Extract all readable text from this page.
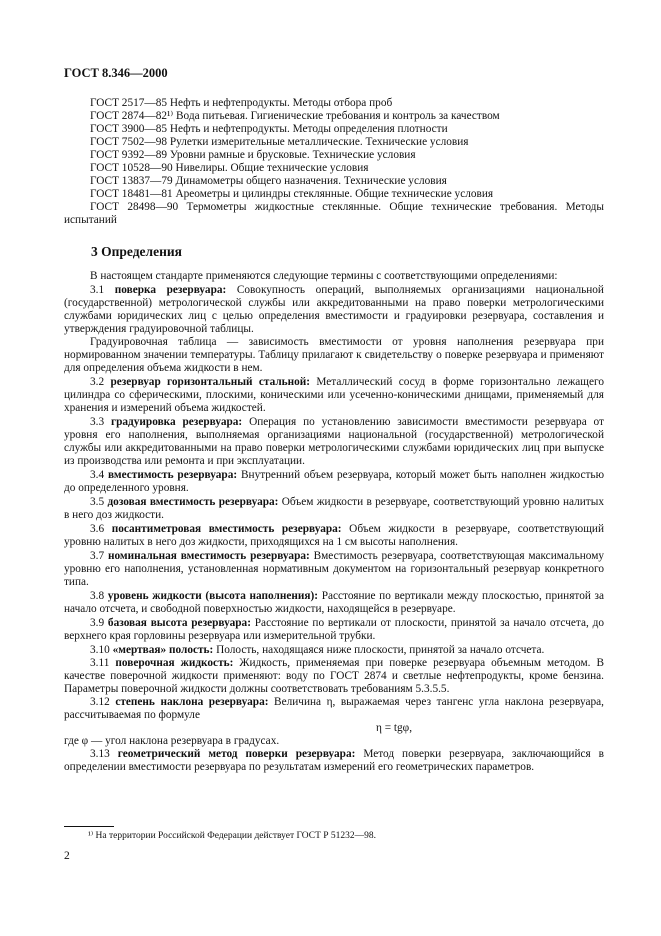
ГОСТ 8.346—2000
ГОСТ 2517—85 Нефть и нефтепродукты. Методы отбора проб
ГОСТ 2874—82¹⁾ Вода питьевая. Гигиенические требования и контроль за качеством
ГОСТ 3900—85 Нефть и нефтепродукты. Методы определения плотности
ГОСТ 7502—98 Рулетки измерительные металлические. Технические условия
ГОСТ 9392—89 Уровни рамные и брусковые. Технические условия
ГОСТ 10528—90 Нивелиры. Общие технические условия
ГОСТ 13837—79 Динамометры общего назначения. Технические условия
ГОСТ 18481—81 Ареометры и цилиндры стеклянные. Общие технические условия
ГОСТ 28498—90 Термометры жидкостные стеклянные. Общие технические требования. Методы испытаний
3 Определения

В настоящем стандарте применяются следующие термины с соответствующими определениями:

3.1 поверка резервуара: Совокупность операций, выполняемых организациями национальной (государственной) метрологической службы или аккредитованными на право поверки метрологическими службами юридических лиц с целью определения вместимости и градуировки резервуара, составления и утверждения градуировочной таблицы.

Градуировочная таблица — зависимость вместимости от уровня наполнения резервуара при нормированном значении температуры. Таблицу прилагают к свидетельству о поверке резервуара и применяют для определения объема жидкости в нем.

3.2 резервуар горизонтальный стальной: Металлический сосуд в форме горизонтально лежащего цилиндра со сферическими, плоскими, коническими или усеченно-коническими днищами, применяемый для хранения и измерений объема жидкостей.

3.3 градуировка резервуара: Операция по установлению зависимости вместимости резервуара от уровня его наполнения, выполняемая организациями национальной (государственной) метрологической службы или аккредитованными на право поверки метрологическими службами юридических лиц при выпуске из производства или ремонта и при эксплуатации.

3.4 вместимость резервуара: Внутренний объем резервуара, который может быть наполнен жидкостью до определенного уровня.

3.5 дозовая вместимость резервуара: Объем жидкости в резервуаре, соответствующий уровню налитых в него доз жидкости.

3.6 посантиметровая вместимость резервуара: Объем жидкости в резервуаре, соответствующий уровню налитых в него доз жидкости, приходящихся на 1 см высоты наполнения.

3.7 номинальная вместимость резервуара: Вместимость резервуара, соответствующая максимальному уровню его наполнения, установленная нормативным документом на горизонтальный резервуар конкретного типа.

3.8 уровень жидкости (высота наполнения): Расстояние по вертикали между плоскостью, принятой за начало отсчета, и свободной поверхностью жидкости, находящейся в резервуаре.

3.9 базовая высота резервуара: Расстояние по вертикали от плоскости, принятой за начало отсчета, до верхнего края горловины резервуара или измерительной трубки.

3.10 «мертвая» полость: Полость, находящаяся ниже плоскости, принятой за начало отсчета.

3.11 поверочная жидкость: Жидкость, применяемая при поверке резервуара объемным методом. В качестве поверочной жидкости применяют: воду по ГОСТ 2874 и светлые нефтепродукты, кроме бензина. Параметры поверочной жидкости должны соответствовать требованиям 5.3.5.5.

3.12 степень наклона резервуара: Величина η, выражаемая через тангенс угла наклона резервуара, рассчитываемая по формуле

η = tgφ,

где φ — угол наклона резервуара в градусах.

3.13 геометрический метод поверки резервуара: Метод поверки резервуара, заключающийся в определении вместимости резервуара по результатам измерений его геометрических параметров.

¹⁾ На территории Российской Федерации действует ГОСТ Р 51232—98.
2
